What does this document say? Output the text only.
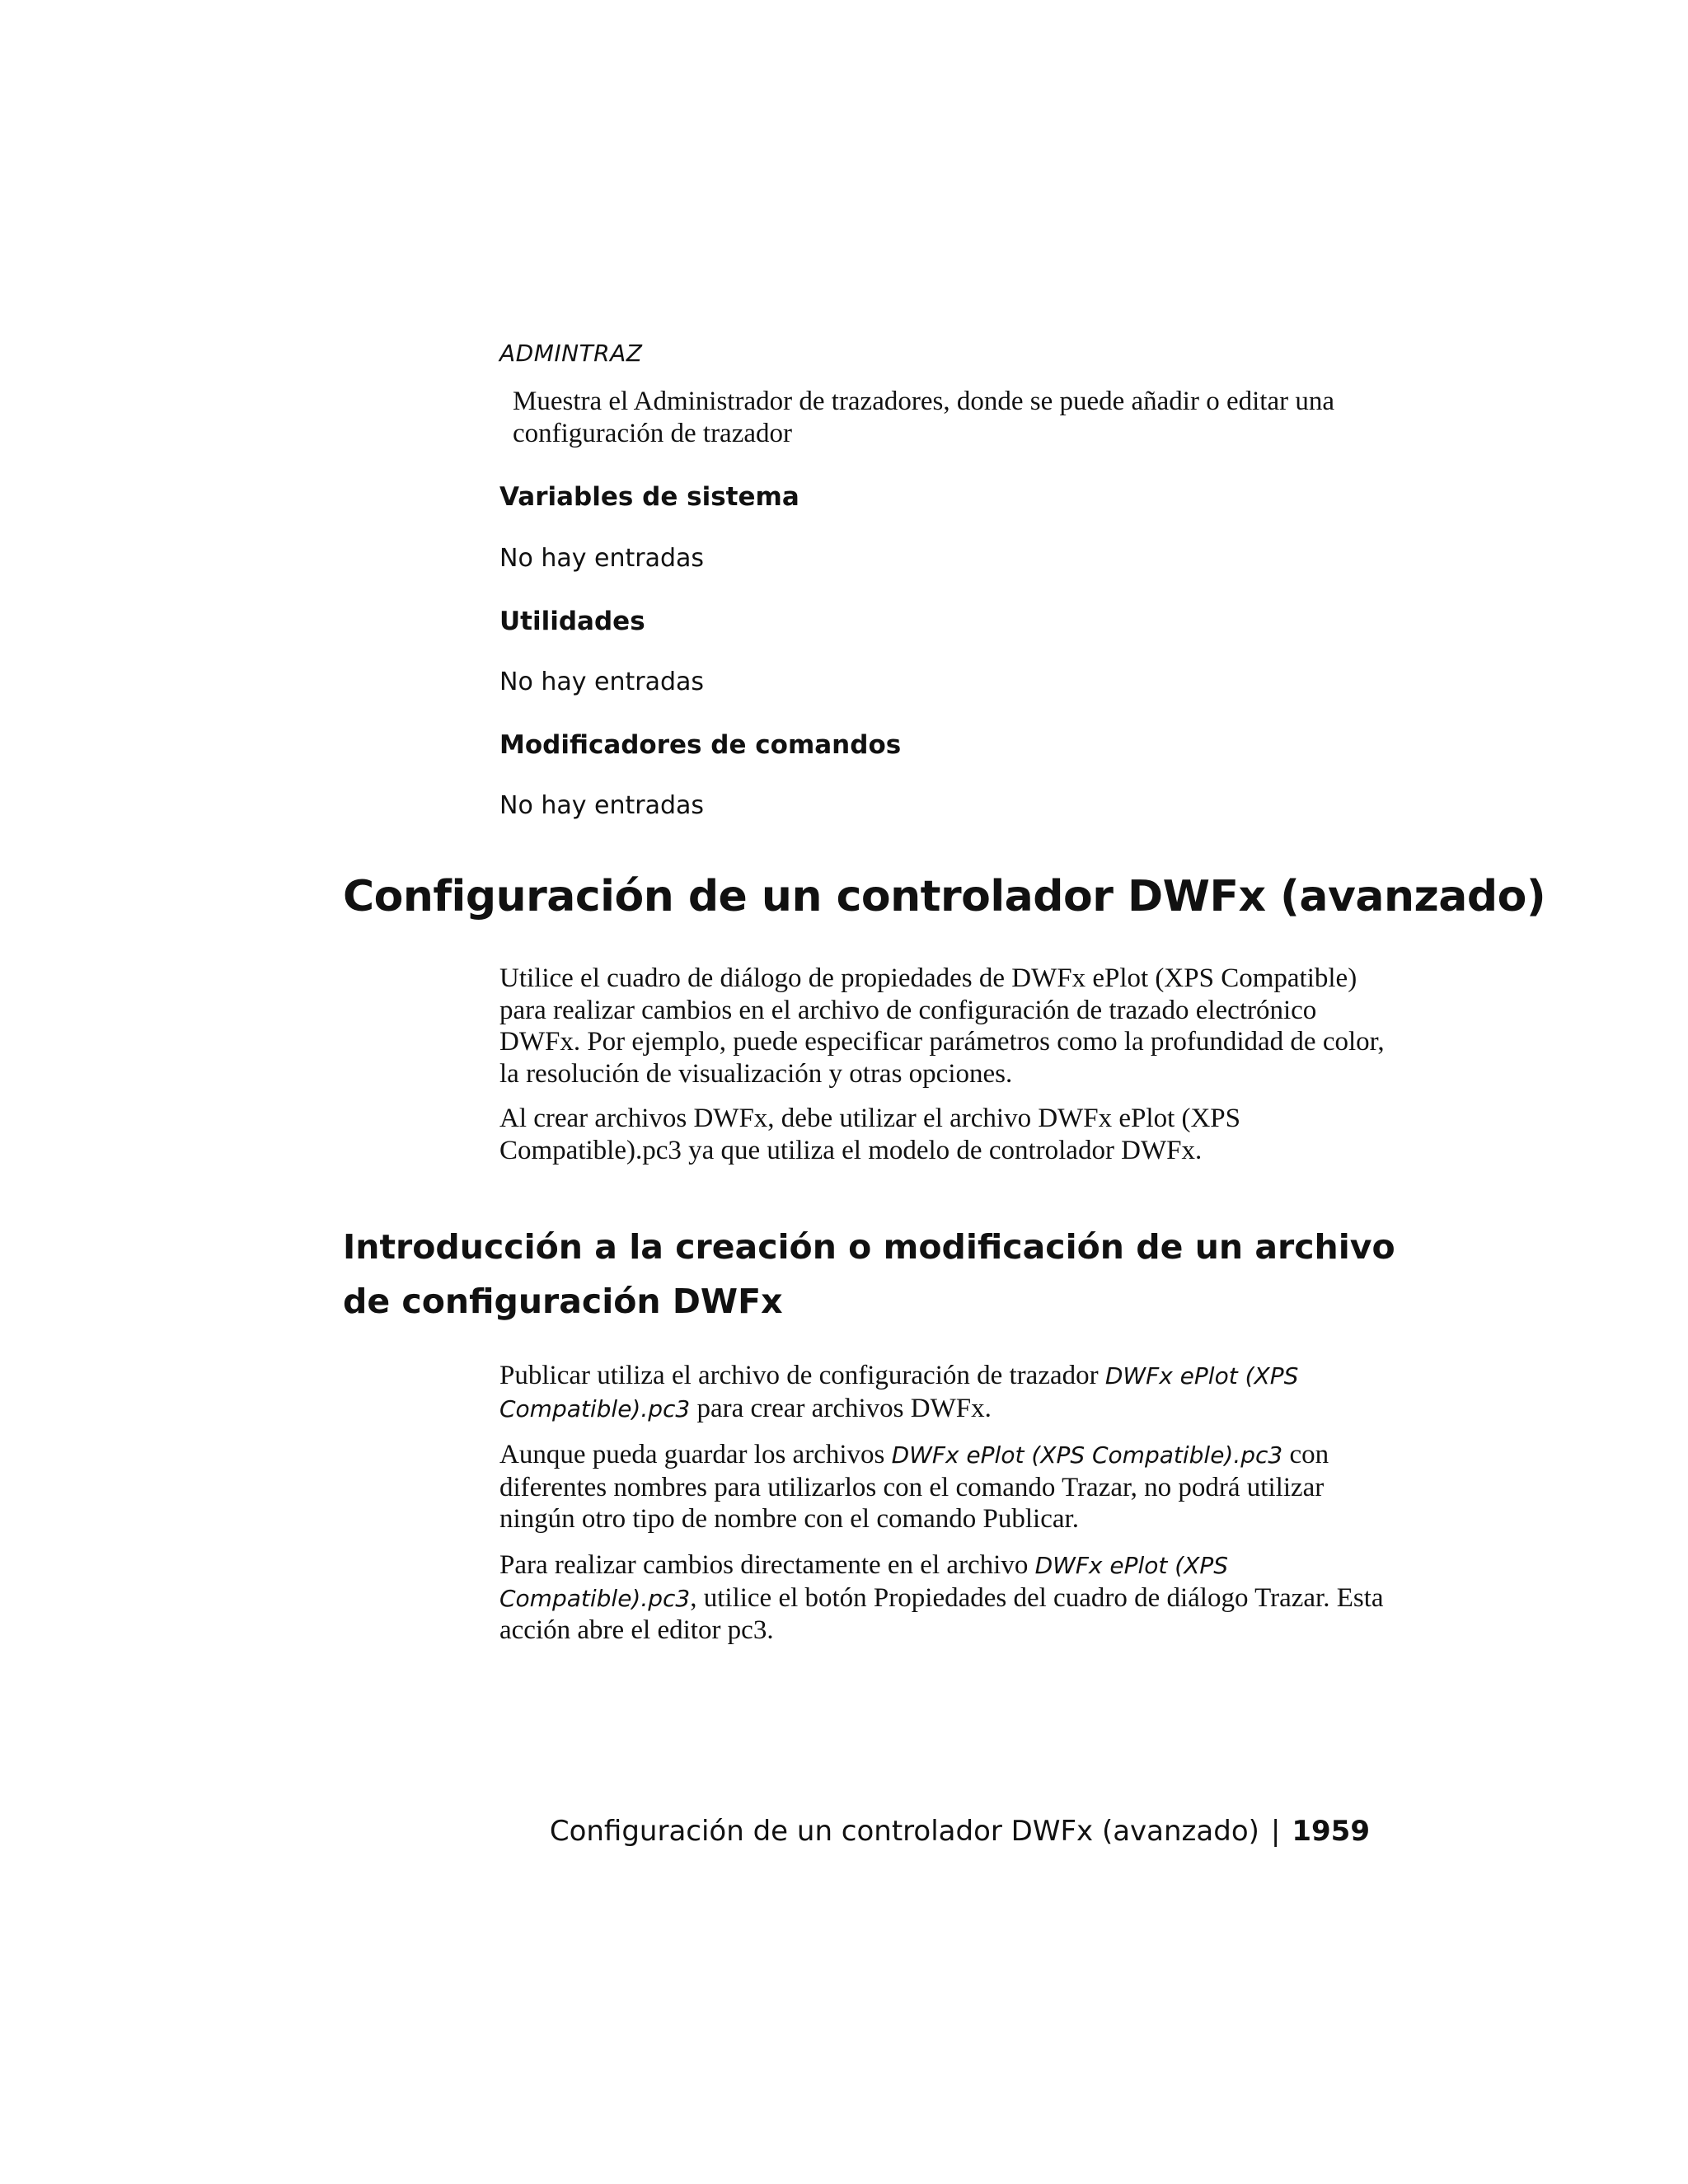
ADMINTRAZ
Muestra el Administrador de trazadores, donde se puede añadir o editar una configuración de trazador
Variables de sistema
No hay entradas
Utilidades
No hay entradas
Modificadores de comandos
No hay entradas
Configuración de un controlador DWFx (avanzado)

Utilice el cuadro de diálogo de propiedades de DWFx ePlot (XPS Compatible) para realizar cambios en el archivo de configuración de trazado electrónico DWFx. Por ejemplo, puede especificar parámetros como la profundidad de color, la resolución de visualización y otras opciones.

Al crear archivos DWFx, debe utilizar el archivo DWFx ePlot (XPS Compatible).pc3 ya que utiliza el modelo de controlador DWFx.

Introducción a la creación o modificación de un archivo de configuración DWFx

Publicar utiliza el archivo de configuración de trazador DWFx ePlot (XPS Compatible).pc3 para crear archivos DWFx.

Aunque pueda guardar los archivos DWFx ePlot (XPS Compatible).pc3 con diferentes nombres para utilizarlos con el comando Trazar, no podrá utilizar ningún otro tipo de nombre con el comando Publicar.

Para realizar cambios directamente en el archivo DWFx ePlot (XPS Compatible).pc3, utilice el botón Propiedades del cuadro de diálogo Trazar. Esta acción abre el editor pc3.

Configuración de un controlador DWFx (avanzado) | 1959
